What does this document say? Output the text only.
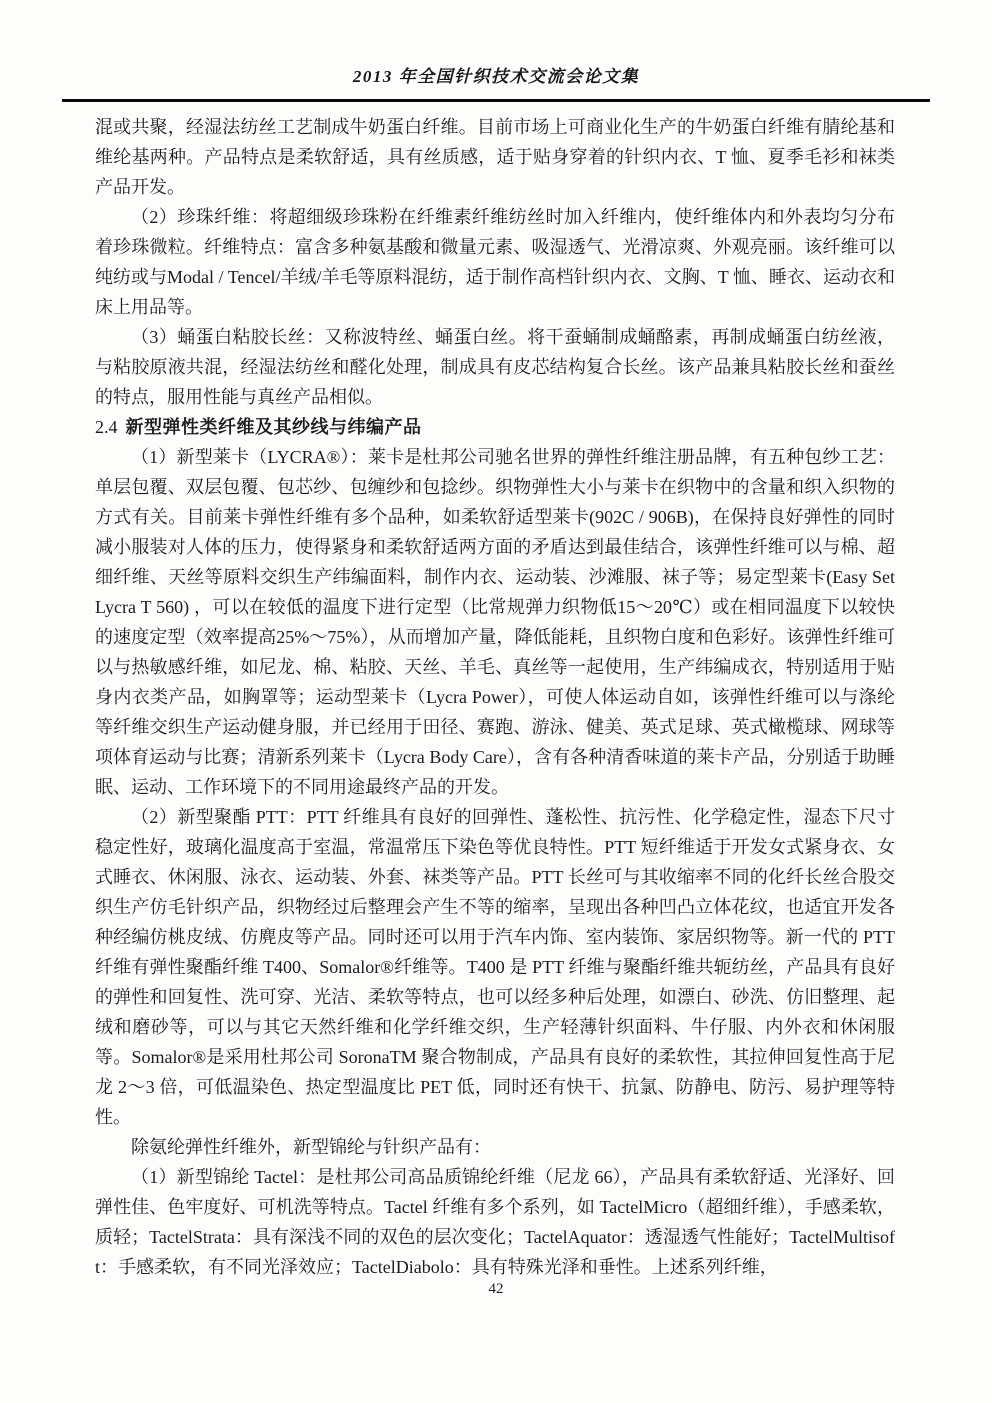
2013 年全国针织技术交流会论文集

混或共聚，经湿法纺丝工艺制成牛奶蛋白纤维。目前市场上可商业化生产的牛奶蛋白纤维有腈纶基和维纶基两种。产品特点是柔软舒适，具有丝质感，适于贴身穿着的针织内衣、T 恤、夏季毛衫和袜类产品开发。

（2）珍珠纤维：将超细级珍珠粉在纤维素纤维纺丝时加入纤维内，使纤维体内和外表均匀分布着珍珠微粒。纤维特点：富含多种氨基酸和微量元素、吸湿透气、光滑凉爽、外观亮丽。该纤维可以纯纺或与Modal / Tencel/羊绒/羊毛等原料混纺，适于制作高档针织内衣、文胸、T 恤、睡衣、运动衣和床上用品等。

（3）蛹蛋白粘胶长丝：又称波特丝、蛹蛋白丝。将干蚕蛹制成蛹酪素，再制成蛹蛋白纺丝液，与粘胶原液共混，经湿法纺丝和醛化处理，制成具有皮芯结构复合长丝。该产品兼具粘胶长丝和蚕丝的特点，服用性能与真丝产品相似。

2.4 新型弹性类纤维及其纱线与纬编产品

（1）新型莱卡（LYCRA®）：莱卡是杜邦公司驰名世界的弹性纤维注册品牌，有五种包纱工艺：单层包覆、双层包覆、包芯纱、包缠纱和包捻纱。织物弹性大小与莱卡在织物中的含量和织入织物的方式有关。目前莱卡弹性纤维有多个品种，如柔软舒适型莱卡(902C / 906B)，在保持良好弹性的同时减小服装对人体的压力，使得紧身和柔软舒适两方面的矛盾达到最佳结合，该弹性纤维可以与棉、超细纤维、天丝等原料交织生产纬编面料，制作内衣、运动装、沙滩服、袜子等；易定型莱卡(Easy Set Lycra T 560) ，可以在较低的温度下进行定型（比常规弹力织物低15～20℃）或在相同温度下以较快的速度定型（效率提高25%～75%），从而增加产量，降低能耗，且织物白度和色彩好。该弹性纤维可以与热敏感纤维，如尼龙、棉、粘胶、天丝、羊毛、真丝等一起使用，生产纬编成衣，特别适用于贴身内衣类产品，如胸罩等；运动型莱卡（Lycra Power），可使人体运动自如，该弹性纤维可以与涤纶等纤维交织生产运动健身服，并已经用于田径、赛跑、游泳、健美、英式足球、英式橄榄球、网球等项体育运动与比赛；清新系列莱卡（Lycra Body Care），含有各种清香味道的莱卡产品，分别适于助睡眠、运动、工作环境下的不同用途最终产品的开发。

（2）新型聚酯 PTT：PTT 纤维具有良好的回弹性、蓬松性、抗污性、化学稳定性，湿态下尺寸稳定性好，玻璃化温度高于室温，常温常压下染色等优良特性。PTT 短纤维适于开发女式紧身衣、女式睡衣、休闲服、泳衣、运动装、外套、袜类等产品。PTT 长丝可与其收缩率不同的化纤长丝合股交织生产仿毛针织产品，织物经过后整理会产生不等的缩率，呈现出各种凹凸立体花纹，也适宜开发各种经编仿桃皮绒、仿麂皮等产品。同时还可以用于汽车内饰、室内装饰、家居织物等。新一代的 PTT 纤维有弹性聚酯纤维 T400、Somalor®纤维等。T400 是 PTT 纤维与聚酯纤维共轭纺丝，产品具有良好的弹性和回复性、洗可穿、光洁、柔软等特点，也可以经多种后处理，如漂白、砂洗、仿旧整理、起绒和磨砂等，可以与其它天然纤维和化学纤维交织，生产轻薄针织面料、牛仔服、内外衣和休闲服等。Somalor®是采用杜邦公司 SoronaTM 聚合物制成，产品具有良好的柔软性，其拉伸回复性高于尼龙 2～3 倍，可低温染色、热定型温度比 PET 低，同时还有快干、抗氯、防静电、防污、易护理等特性。

除氨纶弹性纤维外，新型锦纶与针织产品有：

（1）新型锦纶 Tactel：是杜邦公司高品质锦纶纤维（尼龙 66），产品具有柔软舒适、光泽好、回弹性佳、色牢度好、可机洗等特点。Tactel 纤维有多个系列，如 TactelMicro（超细纤维），手感柔软，质轻；TactelStrata：具有深浅不同的双色的层次变化；TactelAquator：透湿透气性能好；TactelMultisoft：手感柔软，有不同光泽效应；TactelDiabolo：具有特殊光泽和垂性。上述系列纤维，

42
